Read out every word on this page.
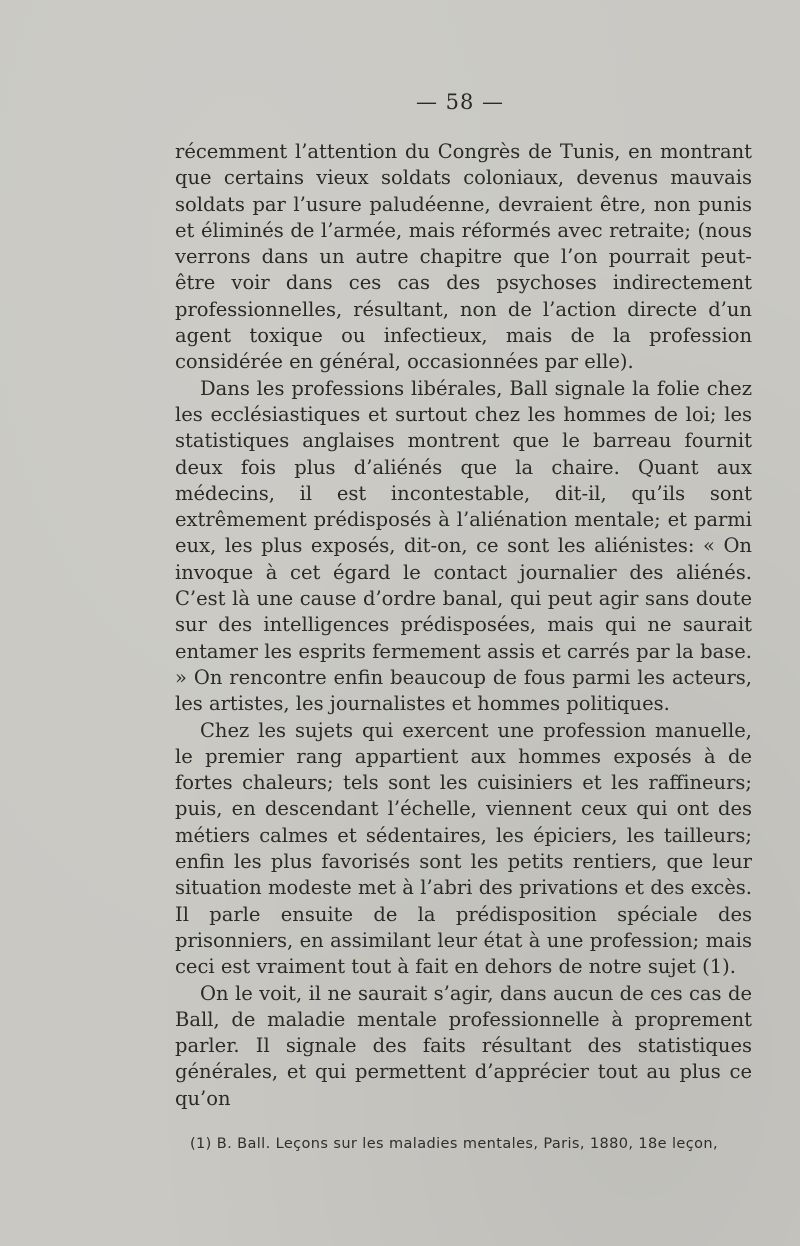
— 58 —

récemment l’attention du Congrès de Tunis, en montrant que certains vieux soldats coloniaux, devenus mauvais soldats par l’usure paludéenne, devraient être, non punis et éliminés de l’armée, mais réformés avec retraite; (nous verrons dans un autre chapitre que l’on pourrait peut-être voir dans ces cas des psychoses indirectement professionnelles, résultant, non de l’action directe d’un agent toxique ou infectieux, mais de la profession considérée en général, occasionnées par elle).

Dans les professions libérales, Ball signale la folie chez les ecclésiastiques et surtout chez les hommes de loi; les statistiques anglaises montrent que le barreau fournit deux fois plus d’aliénés que la chaire. Quant aux médecins, il est incontestable, dit-il, qu’ils sont extrêmement prédisposés à l’aliénation mentale; et parmi eux, les plus exposés, dit-on, ce sont les aliénistes: « On invoque à cet égard le contact journalier des aliénés. C’est là une cause d’ordre banal, qui peut agir sans doute sur des intelligences prédisposées, mais qui ne saurait entamer les esprits fermement assis et carrés par la base. » On rencontre enfin beaucoup de fous parmi les acteurs, les artistes, les journalistes et hommes politiques.

Chez les sujets qui exercent une profession manuelle, le premier rang appartient aux hommes exposés à de fortes chaleurs; tels sont les cuisiniers et les raffineurs; puis, en descendant l’échelle, viennent ceux qui ont des métiers calmes et sédentaires, les épiciers, les tailleurs; enfin les plus favorisés sont les petits rentiers, que leur situation modeste met à l’abri des privations et des excès. Il parle ensuite de la prédisposition spéciale des prisonniers, en assimilant leur état à une profession; mais ceci est vraiment tout à fait en dehors de notre sujet (1).

On le voit, il ne saurait s’agir, dans aucun de ces cas de Ball, de maladie mentale professionnelle à proprement parler. Il signale des faits résultant des statistiques générales, et qui permettent d’apprécier tout au plus ce qu’on

(1) B. Ball. Leçons sur les maladies mentales, Paris, 1880, 18e leçon,
